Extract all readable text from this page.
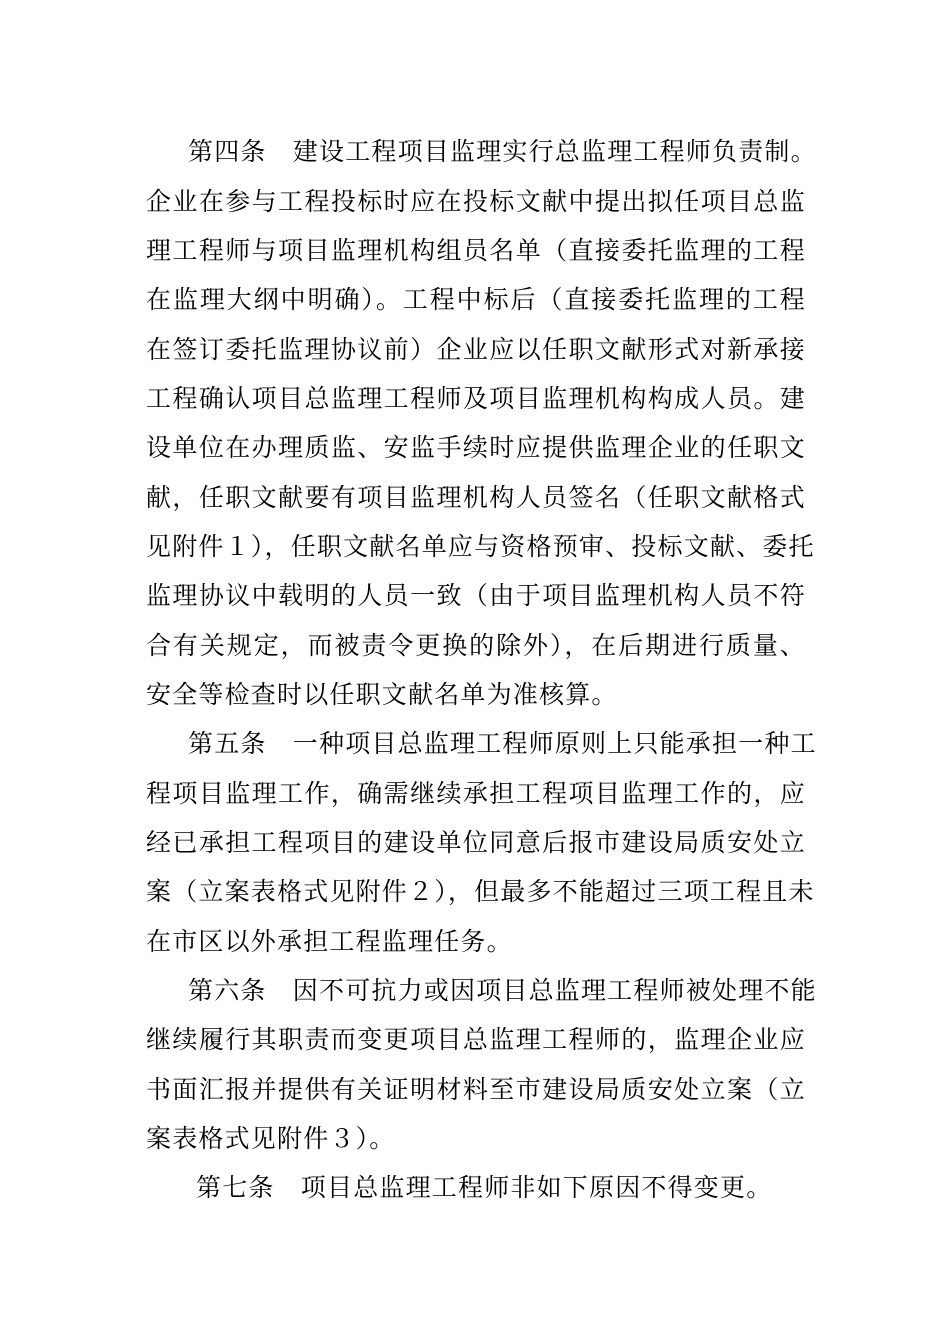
第四条　建设工程项目监理实行总监理工程师负责制。
企业在参与工程投标时应在投标文献中提出拟任项目总监
理工程师与项目监理机构组员名单（直接委托监理的工程
在监理大纲中明确）。工程中标后（直接委托监理的工程
在签订委托监理协议前）企业应以任职文献形式对新承接
工程确认项目总监理工程师及项目监理机构构成人员。建
设单位在办理质监、安监手续时应提供监理企业的任职文
献，任职文献要有项目监理机构人员签名（任职文献格式
见附件１），任职文献名单应与资格预审、投标文献、委托
监理协议中载明的人员一致（由于项目监理机构人员不符
合有关规定，而被责令更换的除外），在后期进行质量、
安全等检查时以任职文献名单为准核算。
第五条　一种项目总监理工程师原则上只能承担一种工
程项目监理工作，确需继续承担工程项目监理工作的，应
经已承担工程项目的建设单位同意后报市建设局质安处立
案（立案表格式见附件２），但最多不能超过三项工程且未
在市区以外承担工程监理任务。
第六条　因不可抗力或因项目总监理工程师被处理不能
继续履行其职责而变更项目总监理工程师的，监理企业应
书面汇报并提供有关证明材料至市建设局质安处立案（立
案表格式见附件３）。
第七条　项目总监理工程师非如下原因不得变更。
